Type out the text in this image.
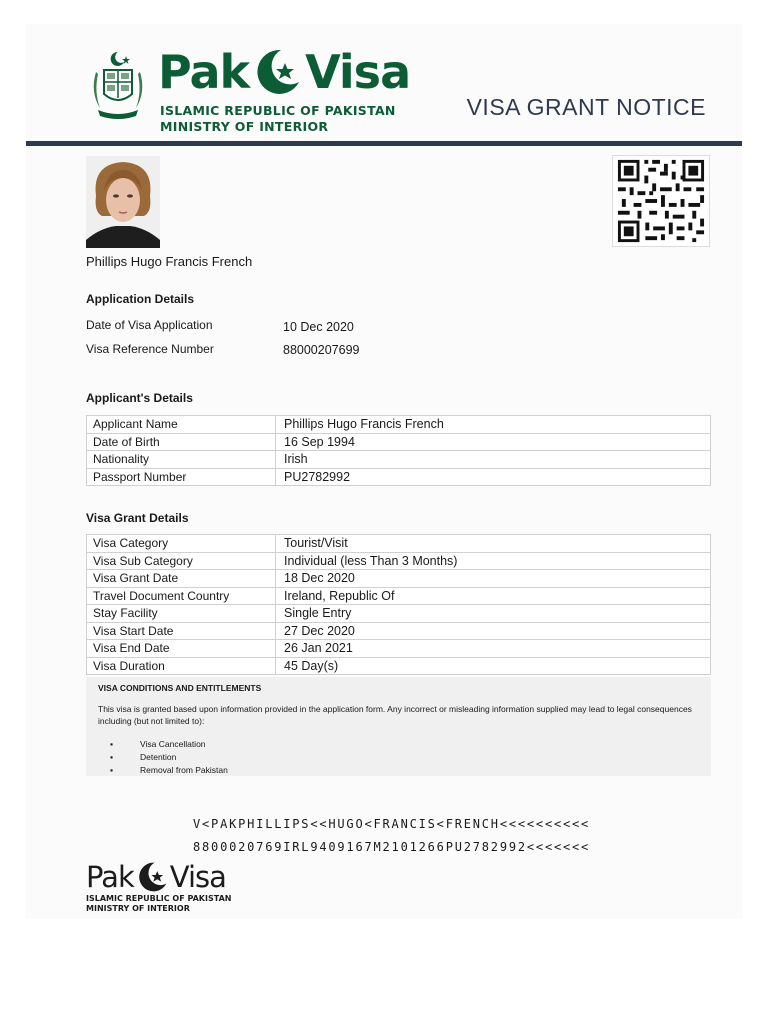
Pak Visa
ISLAMIC REPUBLIC OF PAKISTAN
MINISTRY OF INTERIOR
VISA GRANT NOTICE
Phillips Hugo Francis French
Application Details
Date of Visa Application	10 Dec 2020
Visa Reference Number	88000207699
Applicant's Details
Applicant Name	Phillips Hugo Francis French
Date of Birth	16 Sep 1994
Nationality	Irish
Passport Number	PU2782992
Visa Grant Details
Visa Category	Tourist/Visit
Visa Sub Category	Individual (less Than 3 Months)
Visa Grant Date	18 Dec 2020
Travel Document Country	Ireland, Republic Of
Stay Facility	Single Entry
Visa Start Date	27 Dec 2020
Visa End Date	26 Jan 2021
Visa Duration	45 Day(s)
VISA CONDITIONS AND ENTITLEMENTS
This visa is granted based upon information provided in the application form. Any incorrect or misleading information supplied may lead to legal consequences including (but not limited to):
▪ Visa Cancellation
▪ Detention
▪ Removal from Pakistan
V<PAKPHILLIPS<<HUGO<FRANCIS<FRENCH<<<<<<<<<<
8800020769IRL9409167M2101266PU2782992<<<<<<<
Pak Visa
ISLAMIC REPUBLIC OF PAKISTAN
MINISTRY OF INTERIOR
